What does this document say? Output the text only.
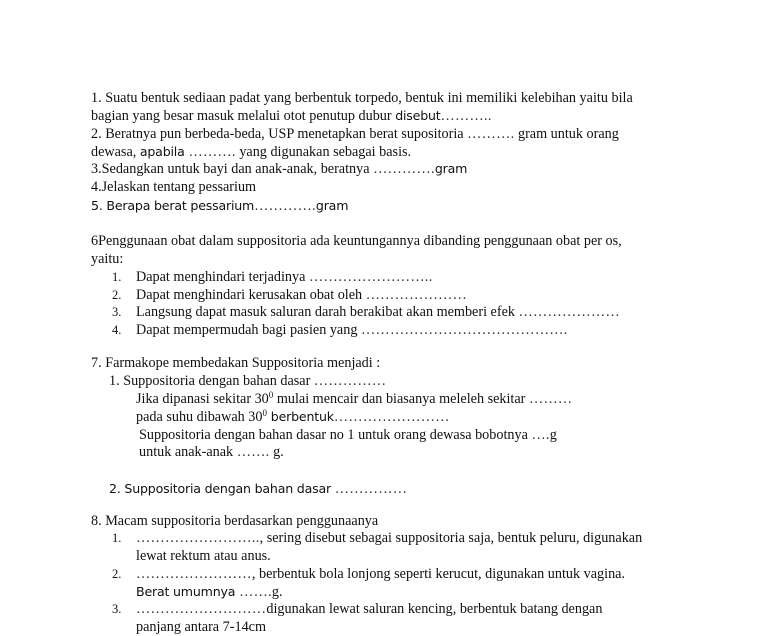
1. Suatu bentuk sediaan padat yang berbentuk torpedo, bentuk ini memiliki kelebihan yaitu bila
bagian yang besar masuk melalui otot penutup dubur disebut………..
2. Beratnya pun berbeda-beda, USP menetapkan berat supositoria ………. gram untuk orang
dewasa, apabila ………. yang digunakan sebagai basis.
3.Sedangkan untuk bayi dan anak-anak, beratnya ………….gram
4.Jelaskan tentang pessarium
5. Berapa berat pessarium………….gram
6Penggunaan obat dalam suppositoria ada keuntungannya dibanding penggunaan obat per os,
yaitu:
1. Dapat menghindari terjadinya ……………………..
2. Dapat menghindari kerusakan obat oleh …………………
3. Langsung dapat masuk saluran darah berakibat akan memberi efek …………………
4. Dapat mempermudah bagi pasien yang …………………………………….
7. Farmakope membedakan Suppositoria menjadi :
1. Suppositoria dengan bahan dasar ……………
Jika dipanasi sekitar $30^0$ mulai mencair dan biasanya meleleh sekitar ………
pada suhu dibawah $30^0$ berbentuk……………………
Suppositoria dengan bahan dasar no 1 untuk orang dewasa bobotnya ….g
untuk anak-anak ……. g.
2. Suppositoria dengan bahan dasar ……………
8. Macam suppositoria berdasarkan penggunaanya
1. …………………….., sering disebut sebagai suppositoria saja, bentuk peluru, digunakan
lewat rektum atau anus.
2. ……………………, berbentuk bola lonjong seperti kerucut, digunakan untuk vagina.
Berat umumnya …….g.
3. ………………………digunakan lewat saluran kencing, berbentuk batang dengan
panjang antara 7-14cm
